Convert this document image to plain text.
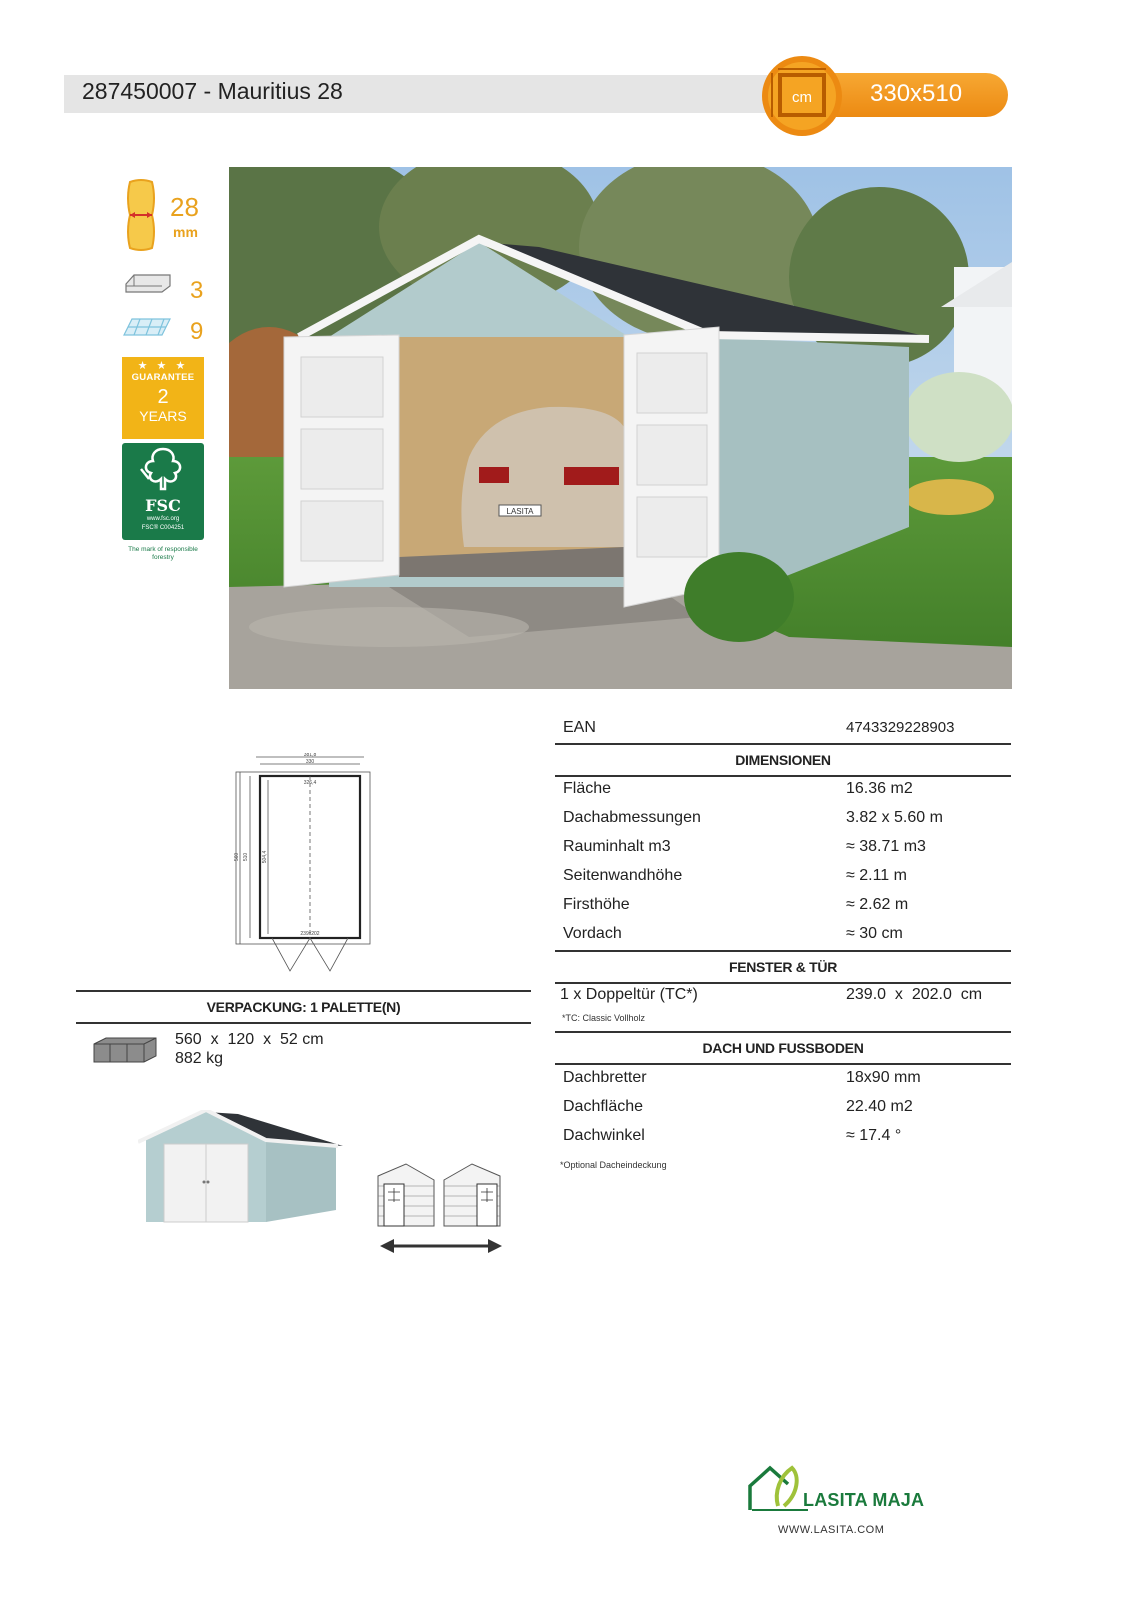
287450007 - Mauritius 28	330x510
cm
28
mm
3
9
★ ★ ★
GUARANTEE
2
YEARS
FSC
www.fsc.org
FSC® C004251
The mark of responsible forestry
LASITA
EAN	4743329228903
DIMENSIONEN
Fläche	16.36 m2
Dachabmessungen	3.82 x 5.60 m
Rauminhalt m3	≈ 38.71 m3
Seitenwandhöhe	≈ 2.11 m
Firsthöhe	≈ 2.62 m
Vordach	≈ 30 cm
FENSTER & TÜR
1 x Doppeltür (TC*)	239.0  x  202.0  cm
*TC: Classic Vollholz
DACH UND FUSSBODEN
Dachbretter	18x90 mm
Dachfläche	22.40 m2
Dachwinkel	≈ 17.4 °
*Optional Dacheindeckung
381,8
330
326,4
239x202
560 510	504,4
VERPACKUNG: 1 PALETTE(N)
560  x  120  x  52 cm
882 kg
LASITA MAJA
WWW.LASITA.COM
